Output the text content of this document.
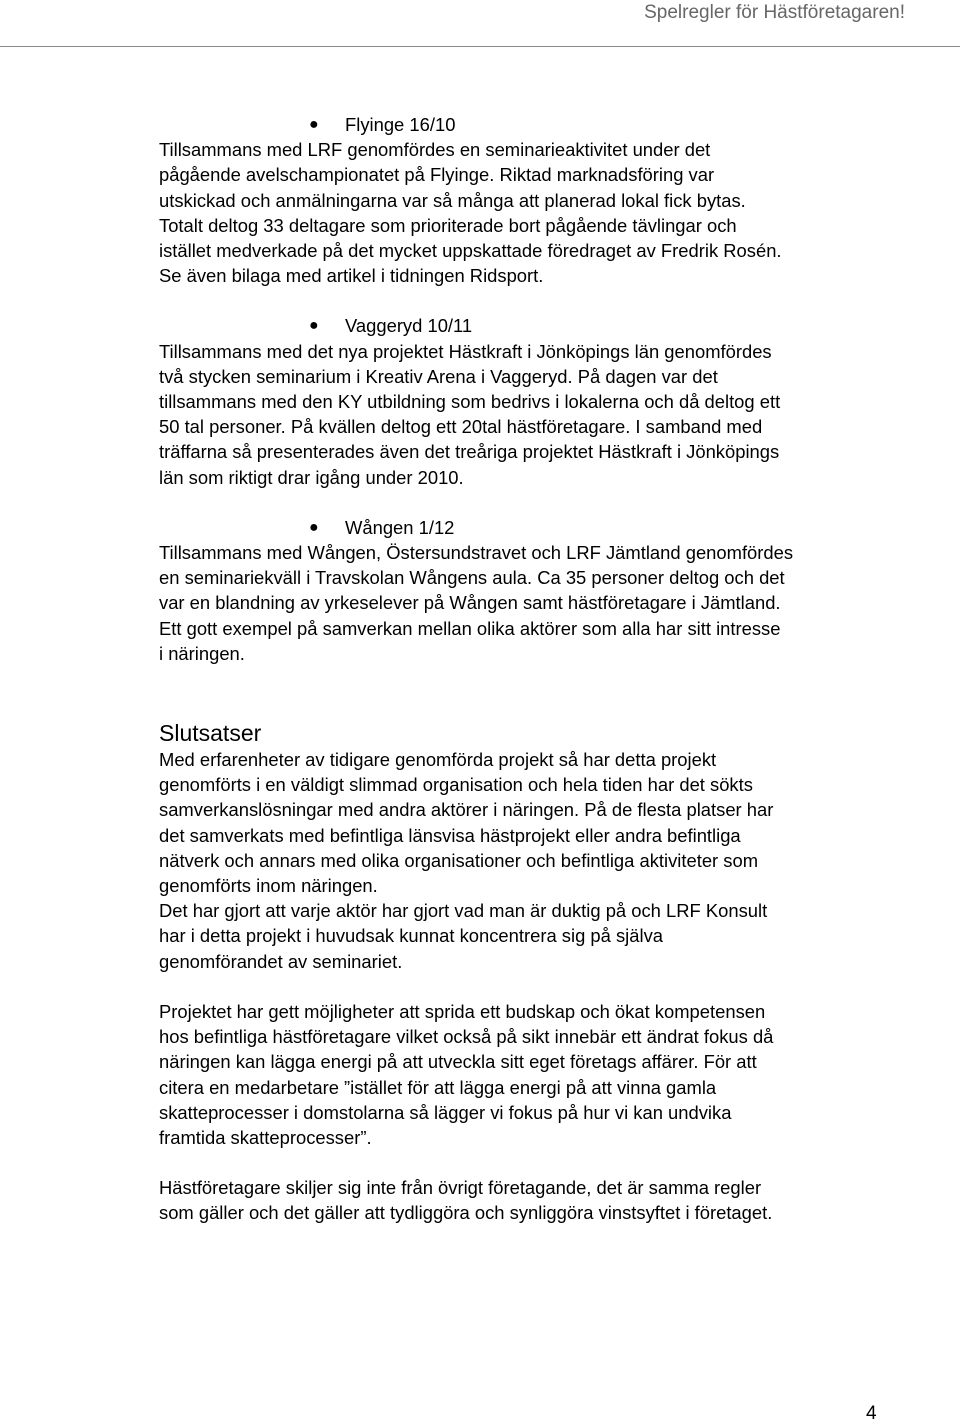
Spelregler för Hästföretagaren!
● Flyinge 16/10
Tillsammans med LRF genomfördes en seminarieaktivitet under det
pågående avelschampionatet på Flyinge. Riktad marknadsföring var
utskickad och anmälningarna var så många att planerad lokal fick bytas.
Totalt deltog 33 deltagare som prioriterade bort pågående tävlingar och
istället medverkade på det mycket uppskattade föredraget av Fredrik Rosén.
Se även bilaga med artikel i tidningen Ridsport.
● Vaggeryd 10/11
Tillsammans med det nya projektet Hästkraft i Jönköpings län genomfördes
två stycken seminarium i Kreativ Arena i Vaggeryd. På dagen var det
tillsammans med den KY utbildning som bedrivs i lokalerna och då deltog ett
50 tal personer. På kvällen deltog ett 20tal hästföretagare. I samband med
träffarna så presenterades även det treåriga projektet Hästkraft i Jönköpings
län som riktigt drar igång under 2010.
● Wången 1/12
Tillsammans med Wången, Östersundstravet och LRF Jämtland genomfördes
en seminariekväll i Travskolan Wångens aula. Ca 35 personer deltog och det
var en blandning av yrkeselever på Wången samt hästföretagare i Jämtland.
Ett gott exempel på samverkan mellan olika aktörer som alla har sitt intresse
i näringen.
Slutsatser
Med erfarenheter av tidigare genomförda projekt så har detta projekt
genomförts i en väldigt slimmad organisation och hela tiden har det sökts
samverkanslösningar med andra aktörer i näringen. På de flesta platser har
det samverkats med befintliga länsvisa hästprojekt eller andra befintliga
nätverk och annars med olika organisationer och befintliga aktiviteter som
genomförts inom näringen.
Det har gjort att varje aktör har gjort vad man är duktig på och LRF Konsult
har i detta projekt i huvudsak kunnat koncentrera sig på själva
genomförandet av seminariet.
Projektet har gett möjligheter att sprida ett budskap och ökat kompetensen
hos befintliga hästföretagare vilket också på sikt innebär ett ändrat fokus då
näringen kan lägga energi på att utveckla sitt eget företags affärer. För att
citera en medarbetare ”istället för att lägga energi på att vinna gamla
skatteprocesser i domstolarna så lägger vi fokus på hur vi kan undvika
framtida skatteprocesser”.
Hästföretagare skiljer sig inte från övrigt företagande, det är samma regler
som gäller och det gäller att tydliggöra och synliggöra vinstsyftet i företaget.
4
